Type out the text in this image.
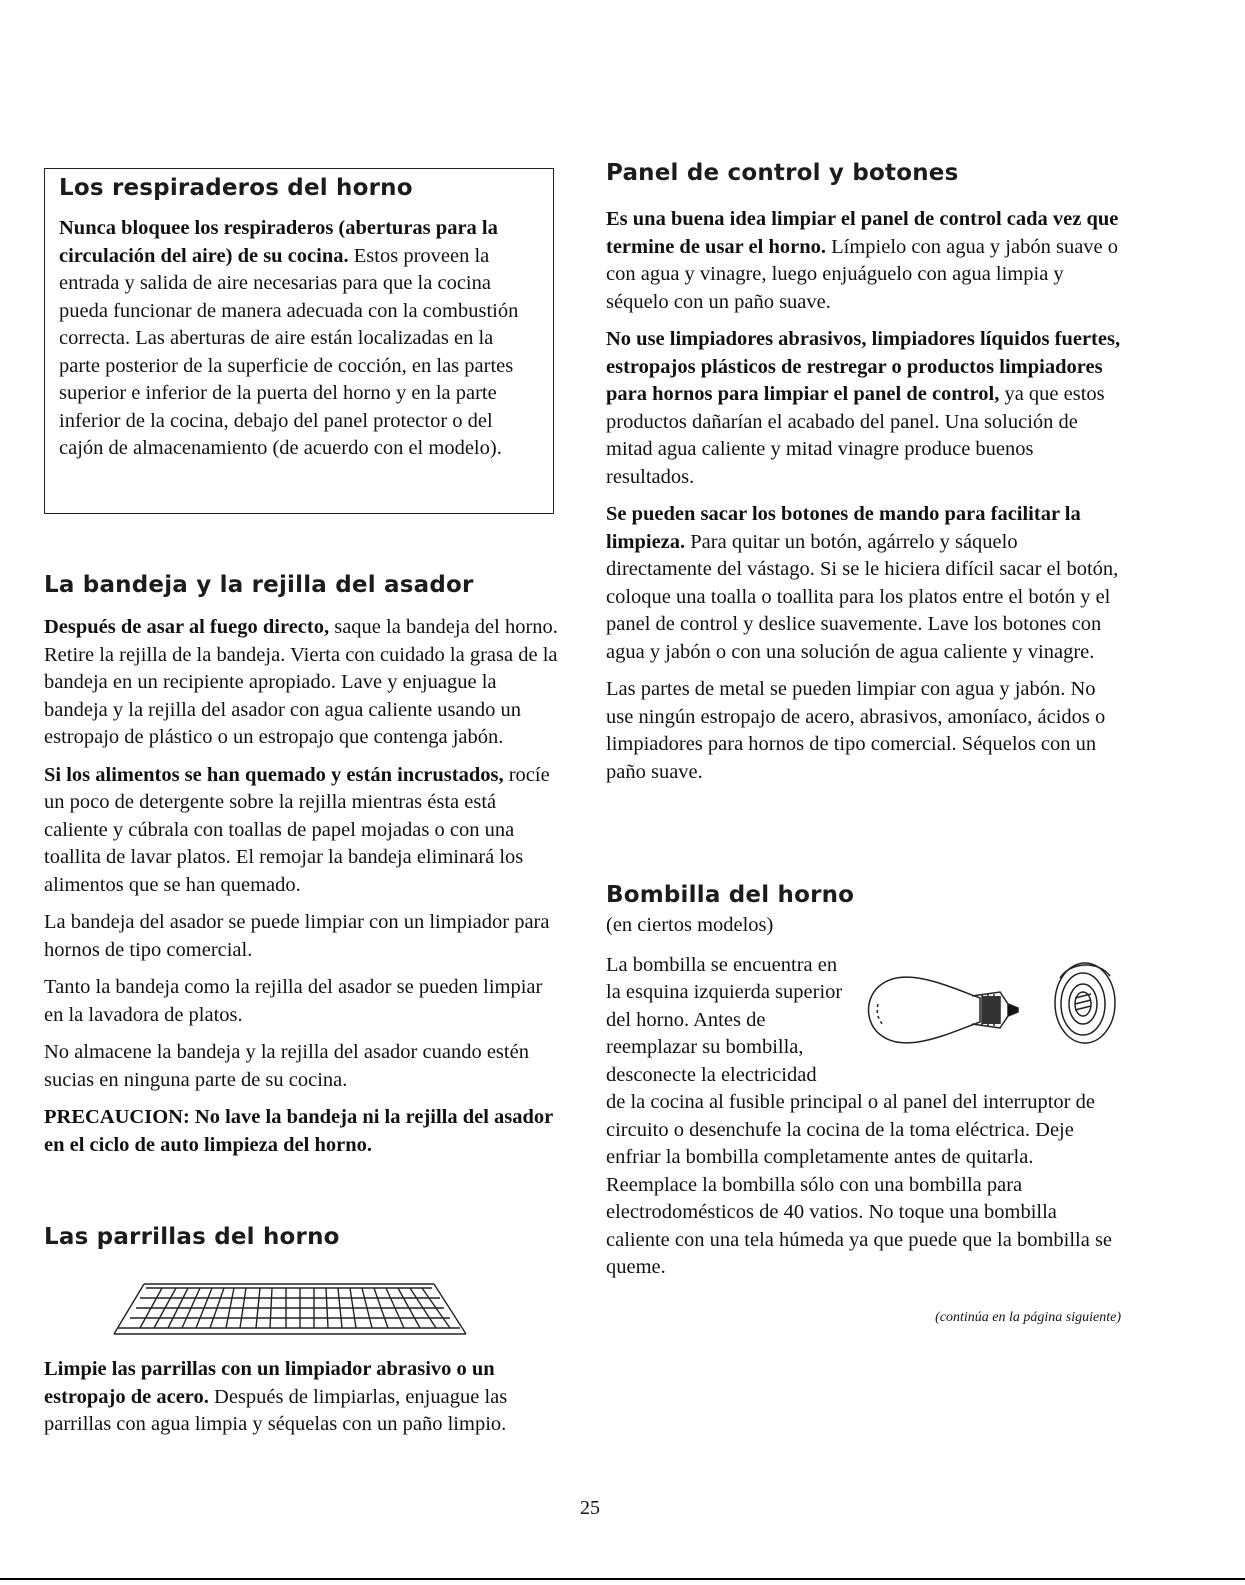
Los respiraderos del horno

Nunca bloquee los respiraderos (aberturas para la circulación del aire) de su cocina. Estos proveen la entrada y salida de aire necesarias para que la cocina pueda funcionar de manera adecuada con la combustión correcta. Las aberturas de aire están localizadas en la parte posterior de la superficie de cocción, en las partes superior e inferior de la puerta del horno y en la parte inferior de la cocina, debajo del panel protector o del cajón de almacenamiento (de acuerdo con el modelo).

La bandeja y la rejilla del asador

Después de asar al fuego directo, saque la bandeja del horno. Retire la rejilla de la bandeja. Vierta con cuidado la grasa de la bandeja en un recipiente apropiado. Lave y enjuague la bandeja y la rejilla del asador con agua caliente usando un estropajo de plástico o un estropajo que contenga jabón.

Si los alimentos se han quemado y están incrustados, rocíe un poco de detergente sobre la rejilla mientras ésta está caliente y cúbrala con toallas de papel mojadas o con una toallita de lavar platos. El remojar la bandeja eliminará los alimentos que se han quemado.

La bandeja del asador se puede limpiar con un limpiador para hornos de tipo comercial.

Tanto la bandeja como la rejilla del asador se pueden limpiar en la lavadora de platos.

No almacene la bandeja y la rejilla del asador cuando estén sucias en ninguna parte de su cocina.

PRECAUCION: No lave la bandeja ni la rejilla del asador en el ciclo de auto limpieza del horno.

Las parrillas del horno

Limpie las parrillas con un limpiador abrasivo o un estropajo de acero. Después de limpiarlas, enjuague las parrillas con agua limpia y séquelas con un paño limpio.

Panel de control y botones

Es una buena idea limpiar el panel de control cada vez que termine de usar el horno. Límpielo con agua y jabón suave o con agua y vinagre, luego enjuáguelo con agua limpia y séquelo con un paño suave.

No use limpiadores abrasivos, limpiadores líquidos fuertes, estropajos plásticos de restregar o productos limpiadores para hornos para limpiar el panel de control, ya que estos productos dañarían el acabado del panel. Una solución de mitad agua caliente y mitad vinagre produce buenos resultados.

Se pueden sacar los botones de mando para facilitar la limpieza. Para quitar un botón, agárrelo y sáquelo directamente del vástago. Si se le hiciera difícil sacar el botón, coloque una toalla o toallita para los platos entre el botón y el panel de control y deslice suavemente. Lave los botones con agua y jabón o con una solución de agua caliente y vinagre.

Las partes de metal se pueden limpiar con agua y jabón. No use ningún estropajo de acero, abrasivos, amoníaco, ácidos o limpiadores para hornos de tipo comercial. Séquelos con un paño suave.

Bombilla del horno

(en ciertos modelos)

La bombilla se encuentra en la esquina izquierda superior del horno. Antes de reemplazar su bombilla, desconecte la electricidad

de la cocina al fusible principal o al panel del interruptor de circuito o desenchufe la cocina de la toma eléctrica. Deje enfriar la bombilla completamente antes de quitarla. Reemplace la bombilla sólo con una bombilla para electrodomésticos de 40 vatios. No toque una bombilla caliente con una tela húmeda ya que puede que la bombilla se queme.

(continúa en la página siguiente)

25
